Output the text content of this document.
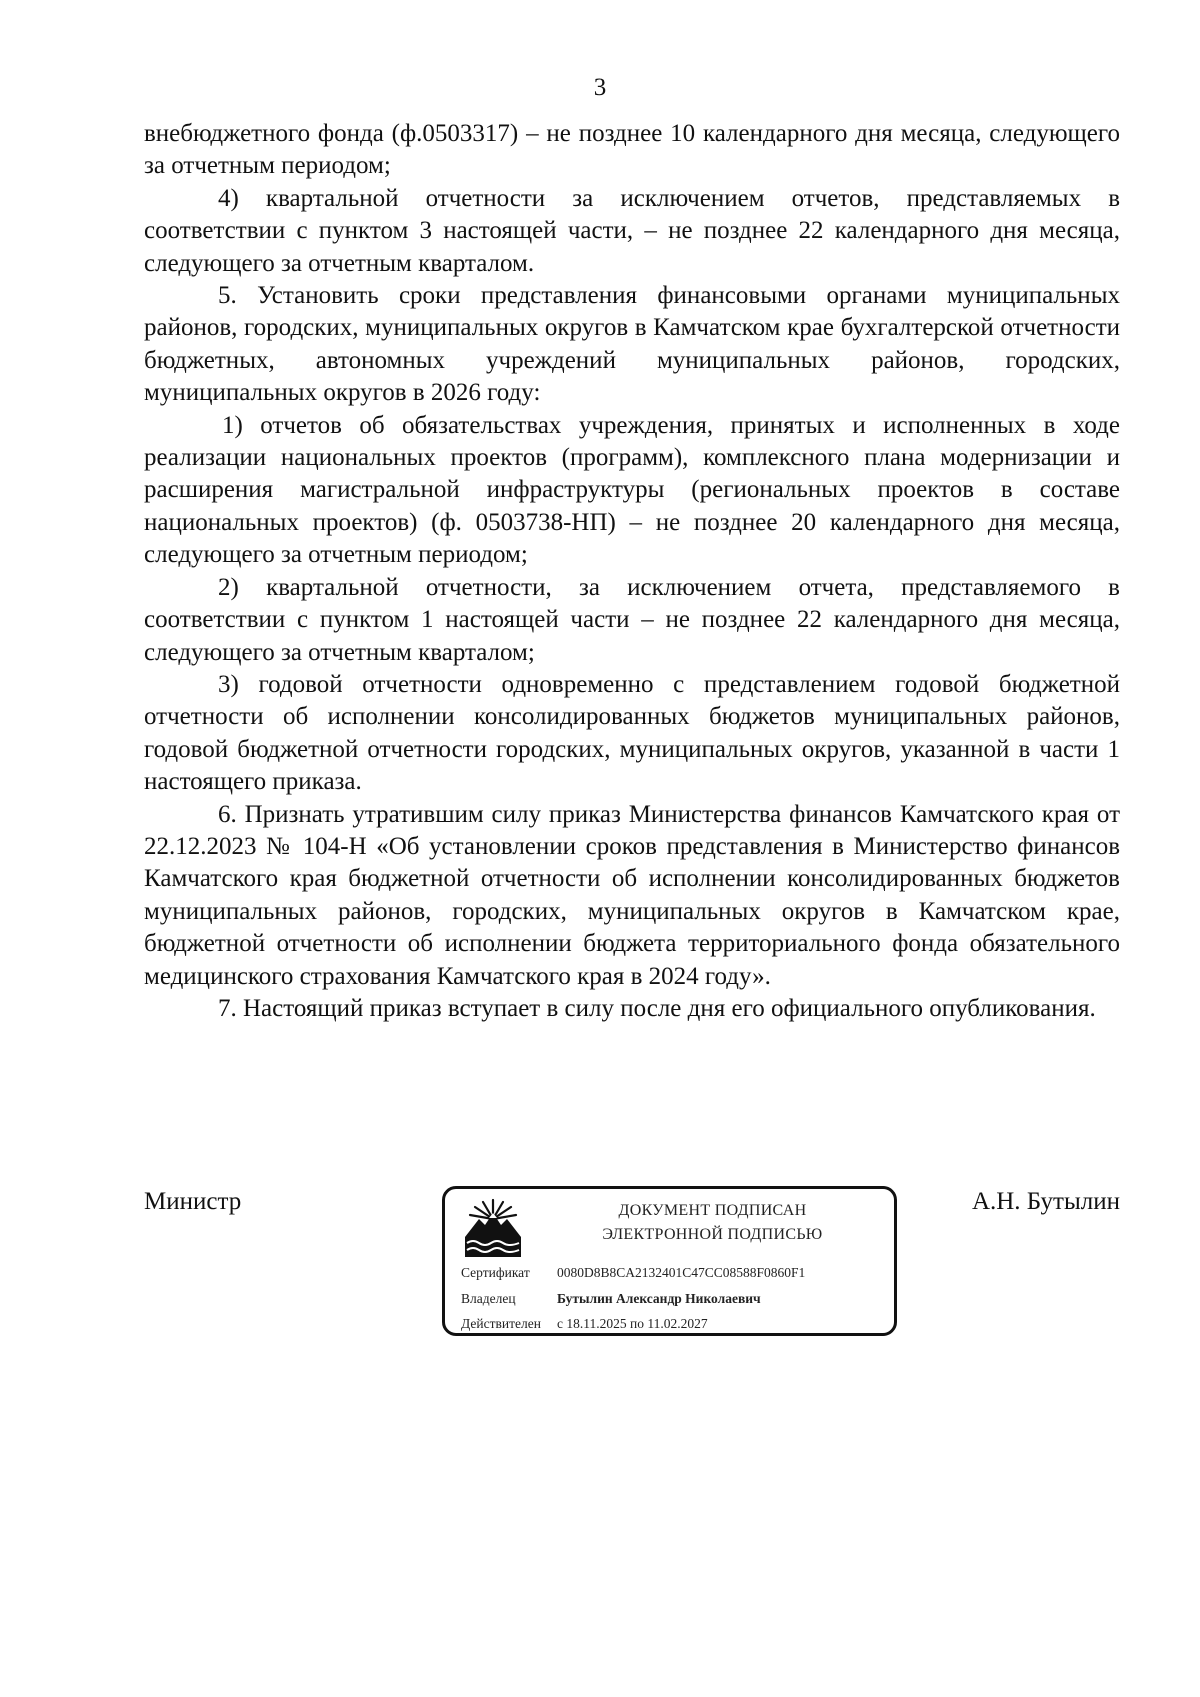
3

внебюджетного фонда (ф.0503317) – не позднее 10 календарного дня месяца, следующего за отчетным периодом;

4) квартальной отчетности за исключением отчетов, представляемых в соответствии с пунктом 3 настоящей части, – не позднее 22 календарного дня месяца, следующего за отчетным кварталом.

5. Установить сроки представления финансовыми органами муниципальных районов, городских, муниципальных округов в Камчатском крае бухгалтерской отчетности бюджетных, автономных учреждений муниципальных районов, городских, муниципальных округов в 2026 году:

1) отчетов об обязательствах учреждения, принятых и исполненных в ходе реализации национальных проектов (программ), комплексного плана модернизации и расширения магистральной инфраструктуры (региональных проектов в составе национальных проектов) (ф. 0503738-НП) – не позднее 20 календарного дня месяца, следующего за отчетным периодом;

2) квартальной отчетности, за исключением отчета, представляемого в соответствии с пунктом 1 настоящей части – не позднее 22 календарного дня месяца, следующего за отчетным кварталом;

3) годовой отчетности одновременно с представлением годовой бюджетной отчетности об исполнении консолидированных бюджетов муниципальных районов, годовой бюджетной отчетности городских, муниципальных округов, указанной в части 1 настоящего приказа.

6. Признать утратившим силу приказ Министерства финансов Камчатского края от 22.12.2023 № 104-Н «Об установлении сроков представления в Министерство финансов Камчатского края бюджетной отчетности об исполнении консолидированных бюджетов муниципальных районов, городских, муниципальных округов в Камчатском крае, бюджетной отчетности об исполнении бюджета территориального фонда обязательного медицинского страхования Камчатского края в 2024 году».

7. Настоящий приказ вступает в силу после дня его официального опубликования.

Министр	ДОКУМЕНТ ПОДПИСАН
ЭЛЕКТРОННОЙ ПОДПИСЬЮ
Сертификат 0080D8B8CA2132401C47CC08588F0860F1
Владелец	Бутылин Александр Николаевич
Действителен с 18.11.2025 по 11.02.2027
А.Н. Бутылин
